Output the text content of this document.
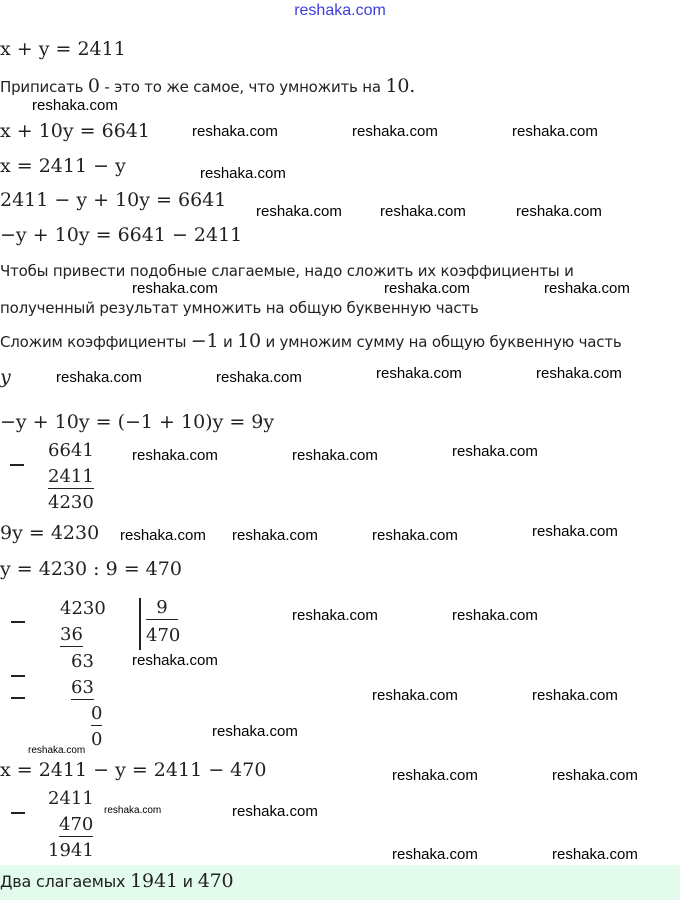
reshaka.com
x + y = 2411
Приписать 0 - это то же самое, что умножить на 10.
x + 10y = 6641
x = 2411 − y
2411 − y + 10y = 6641
−y + 10y = 6641 − 2411
Чтобы привести подобные слагаемые, надо сложить их коэффициенты и
полученный результат умножить на общую буквенную часть
Сложим коэффициенты −1 и 10 и умножим сумму на общую буквенную часть
y
−y + 10y = (−1 + 10)y = 9y
6641
2411
4230
9y = 4230
y = 4230 : 9 = 470
4230
36
63
63
0
0
9
470
x = 2411 − y = 2411 − 470
2411
470
1941
Два слагаемых 1941 и 470
reshaka.com
reshaka.com	reshaka.com	reshaka.com
reshaka.com
reshaka.com	reshaka.com	reshaka.com
reshaka.com	reshaka.com	reshaka.com
reshaka.com	reshaka.com	reshaka.com	reshaka.com
reshaka.com	reshaka.com	reshaka.com
reshaka.com	reshaka.com	reshaka.com
reshaka.com
reshaka.com	reshaka.com
reshaka.com
reshaka.com	reshaka.com
reshaka.com
reshaka.com
reshaka.com	reshaka.com
reshaka.com	reshaka.com
reshaka.com	reshaka.com
